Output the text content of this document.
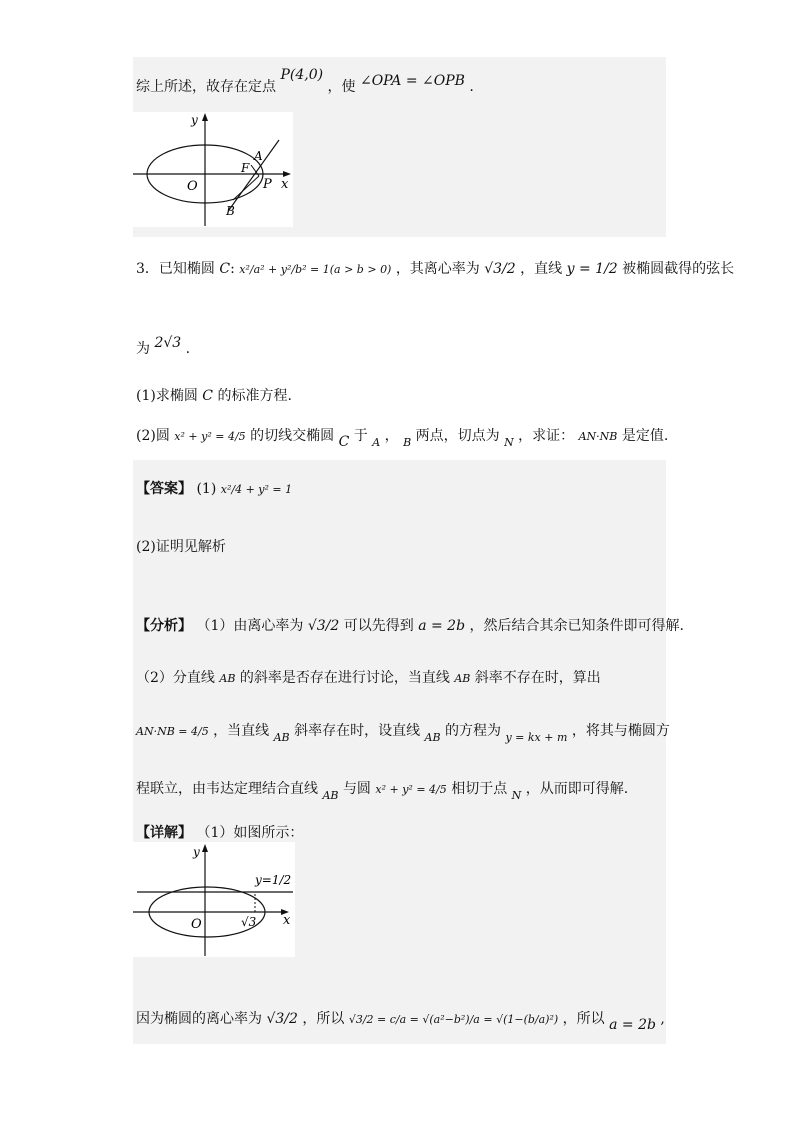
综上所述，故存在定点 P(4,0) ，使 ∠OPA = ∠OPB .
y
x
O
A
F
P
B
3．已知椭圆 C: x²/a² + y²/b² = 1(a > b > 0) ，其离心率为 √3/2 ，直线 y = 1/2 被椭圆截得的弦长
为 2√3 .
(1)求椭圆 C 的标准方程.
(2)圆 x² + y² = 4/5 的切线交椭圆 C 于 $_A$ ， $_B$ 两点，切点为 $_N$ ，求证： AN·NB 是定值.
【答案】 (1) x²/4 + y² = 1
(2)证明见解析
【分析】 （1）由离心率为 √3/2 可以先得到 a = 2b ，然后结合其余已知条件即可得解.
（2）分直线 AB 的斜率是否存在进行讨论，当直线 AB 斜率不存在时，算出
AN·NB = 4/5 ，当直线 $_{AB}$ 斜率存在时，设直线 $_{AB}$ 的方程为 $_{y = kx + m}$ ，将其与椭圆方
程联立，由韦达定理结合直线 $_{AB}$ 与圆 x² + y² = 4/5 相切于点 $_N$ ，从而即可得解.
【详解】 （1）如图所示：
y
x
O
y=1/2
√3
因为椭圆的离心率为 √3/2 ，所以 √3/2 = c/a = √(a²−b²)/a = √(1−(b/a)²) ，所以 a = 2b ,
